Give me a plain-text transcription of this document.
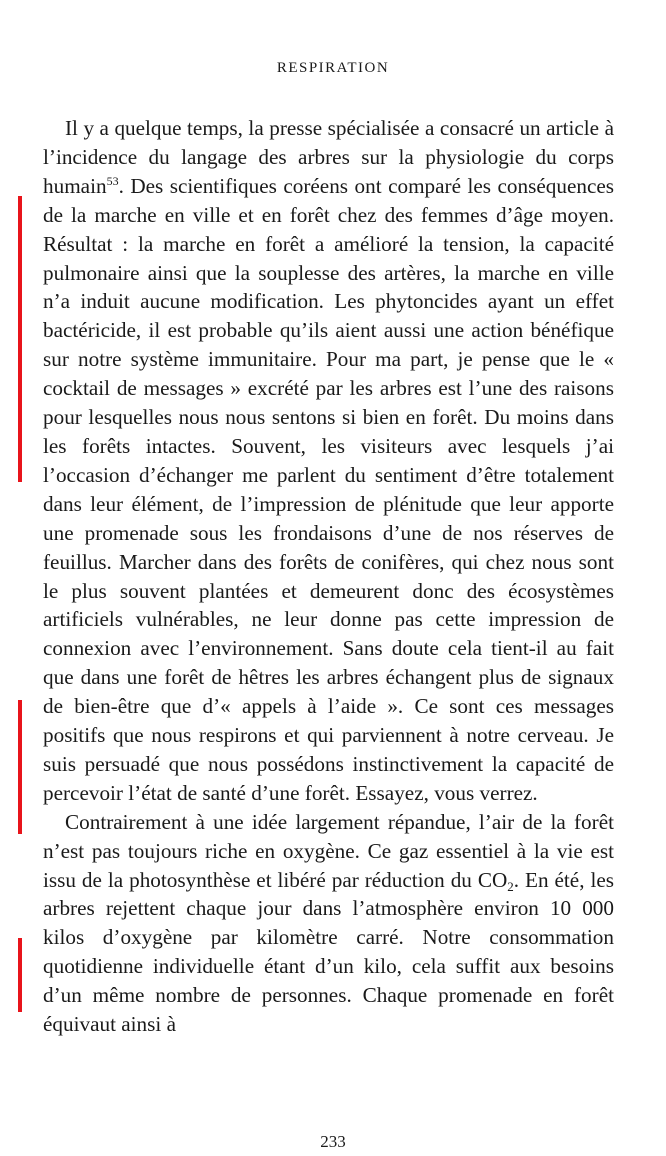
RESPIRATION

Il y a quelque temps, la presse spécialisée a consacré un article à l’incidence du langage des arbres sur la physiologie du corps humain$^{53}$. Des scientifiques coréens ont comparé les conséquences de la marche en ville et en forêt chez des femmes d’âge moyen. Résultat : la marche en forêt a amélioré la tension, la capacité pulmonaire ainsi que la souplesse des artères, la marche en ville n’a induit aucune modification. Les phytoncides ayant un effet bactéricide, il est probable qu’ils aient aussi une action bénéfique sur notre système immunitaire. Pour ma part, je pense que le « cocktail de messages » excrété par les arbres est l’une des raisons pour lesquelles nous nous sentons si bien en forêt. Du moins dans les forêts intactes. Souvent, les visiteurs avec lesquels j’ai l’occasion d’échanger me parlent du sentiment d’être totalement dans leur élément, de l’impression de plénitude que leur apporte une promenade sous les frondaisons d’une de nos réserves de feuillus. Marcher dans des forêts de conifères, qui chez nous sont le plus souvent plantées et demeurent donc des écosystèmes artificiels vulnérables, ne leur donne pas cette impression de connexion avec l’environnement. Sans doute cela tient-il au fait que dans une forêt de hêtres les arbres échangent plus de signaux de bien-être que d’« appels à l’aide ». Ce sont ces messages positifs que nous respirons et qui parviennent à notre cerveau. Je suis persuadé que nous possédons instinctivement la capacité de percevoir l’état de santé d’une forêt. Essayez, vous verrez.

Contrairement à une idée largement répandue, l’air de la forêt n’est pas toujours riche en oxygène. Ce gaz essentiel à la vie est issu de la photosynthèse et libéré par réduction du $CO_2$. En été, les arbres rejettent chaque jour dans l’atmosphère environ 10 000 kilos d’oxygène par kilomètre carré. Notre consommation quotidienne individuelle étant d’un kilo, cela suffit aux besoins d’un même nombre de personnes. Chaque promenade en forêt équivaut ainsi à

233
